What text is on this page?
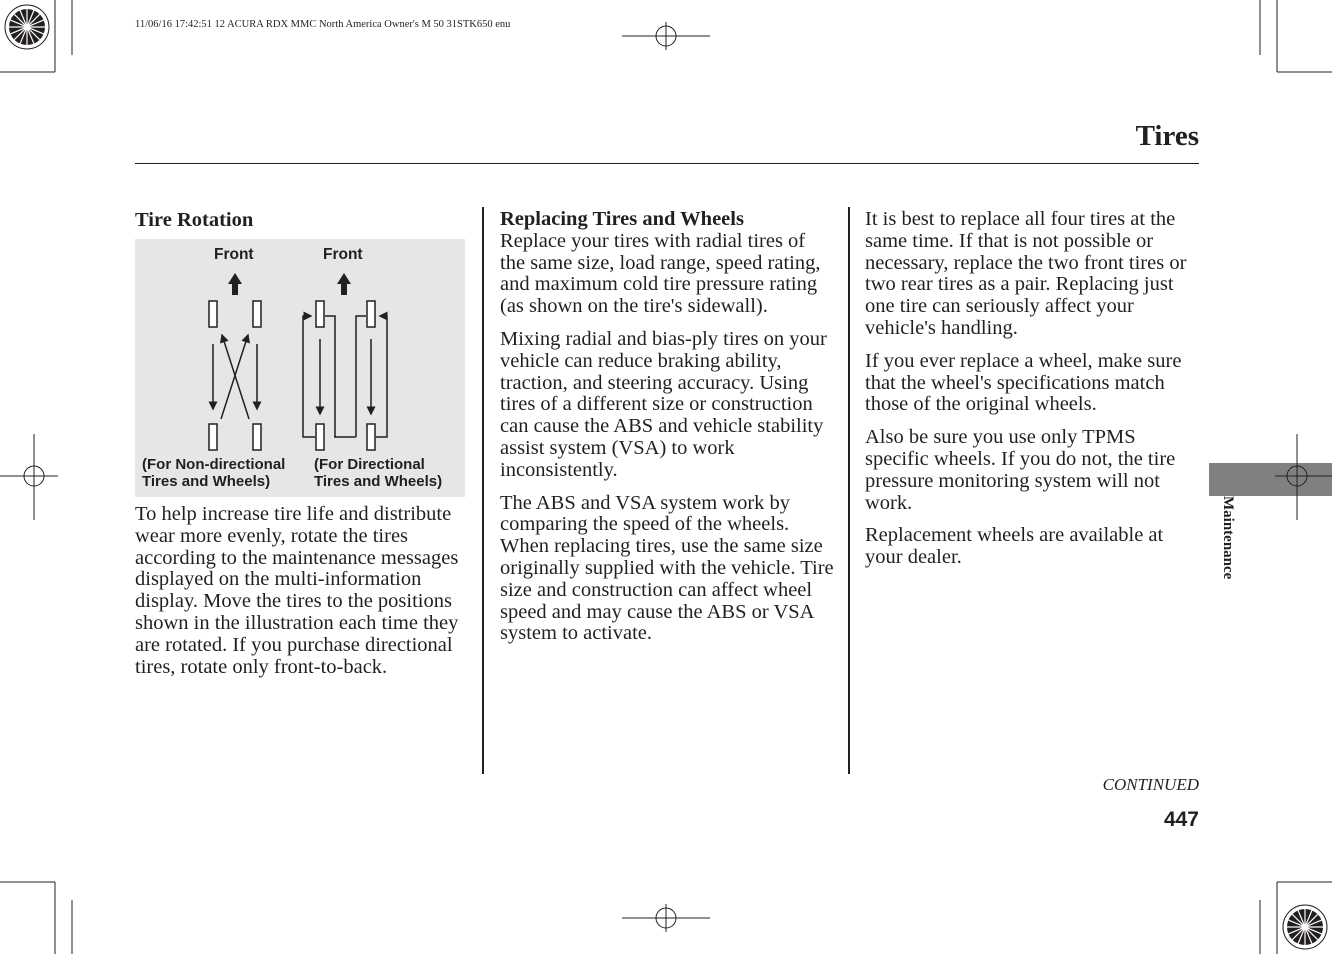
11/06/16 17:42:51 12 ACURA RDX MMC North America Owner's M 50 31STK650 enu
Tires
Tire Rotation
Front	Front
(For Non-directional
Tires and Wheels)
(For Directional
Tires and Wheels)

To help increase tire life and distribute wear more evenly, rotate the tires according to the maintenance messages displayed on the multi-information display. Move the tires to the positions shown in the illustration each time they are rotated. If you purchase directional tires, rotate only front-to-back.

Replacing Tires and Wheels

Replace your tires with radial tires of the same size, load range, speed rating, and maximum cold tire pressure rating (as shown on the tire's sidewall).

Mixing radial and bias-ply tires on your vehicle can reduce braking ability, traction, and steering accuracy. Using tires of a different size or construction can cause the ABS and vehicle stability assist system (VSA) to work inconsistently.

The ABS and VSA system work by comparing the speed of the wheels. When replacing tires, use the same size originally supplied with the vehicle. Tire size and construction can affect wheel speed and may cause the ABS or VSA system to activate.

It is best to replace all four tires at the same time. If that is not possible or necessary, replace the two front tires or two rear tires as a pair. Replacing just one tire can seriously affect your vehicle's handling.

If you ever replace a wheel, make sure that the wheel's specifications match those of the original wheels.

Also be sure you use only TPMS specific wheels. If you do not, the tire pressure monitoring system will not work.

Replacement wheels are available at your dealer.	Maintenance
CONTINUED
447
